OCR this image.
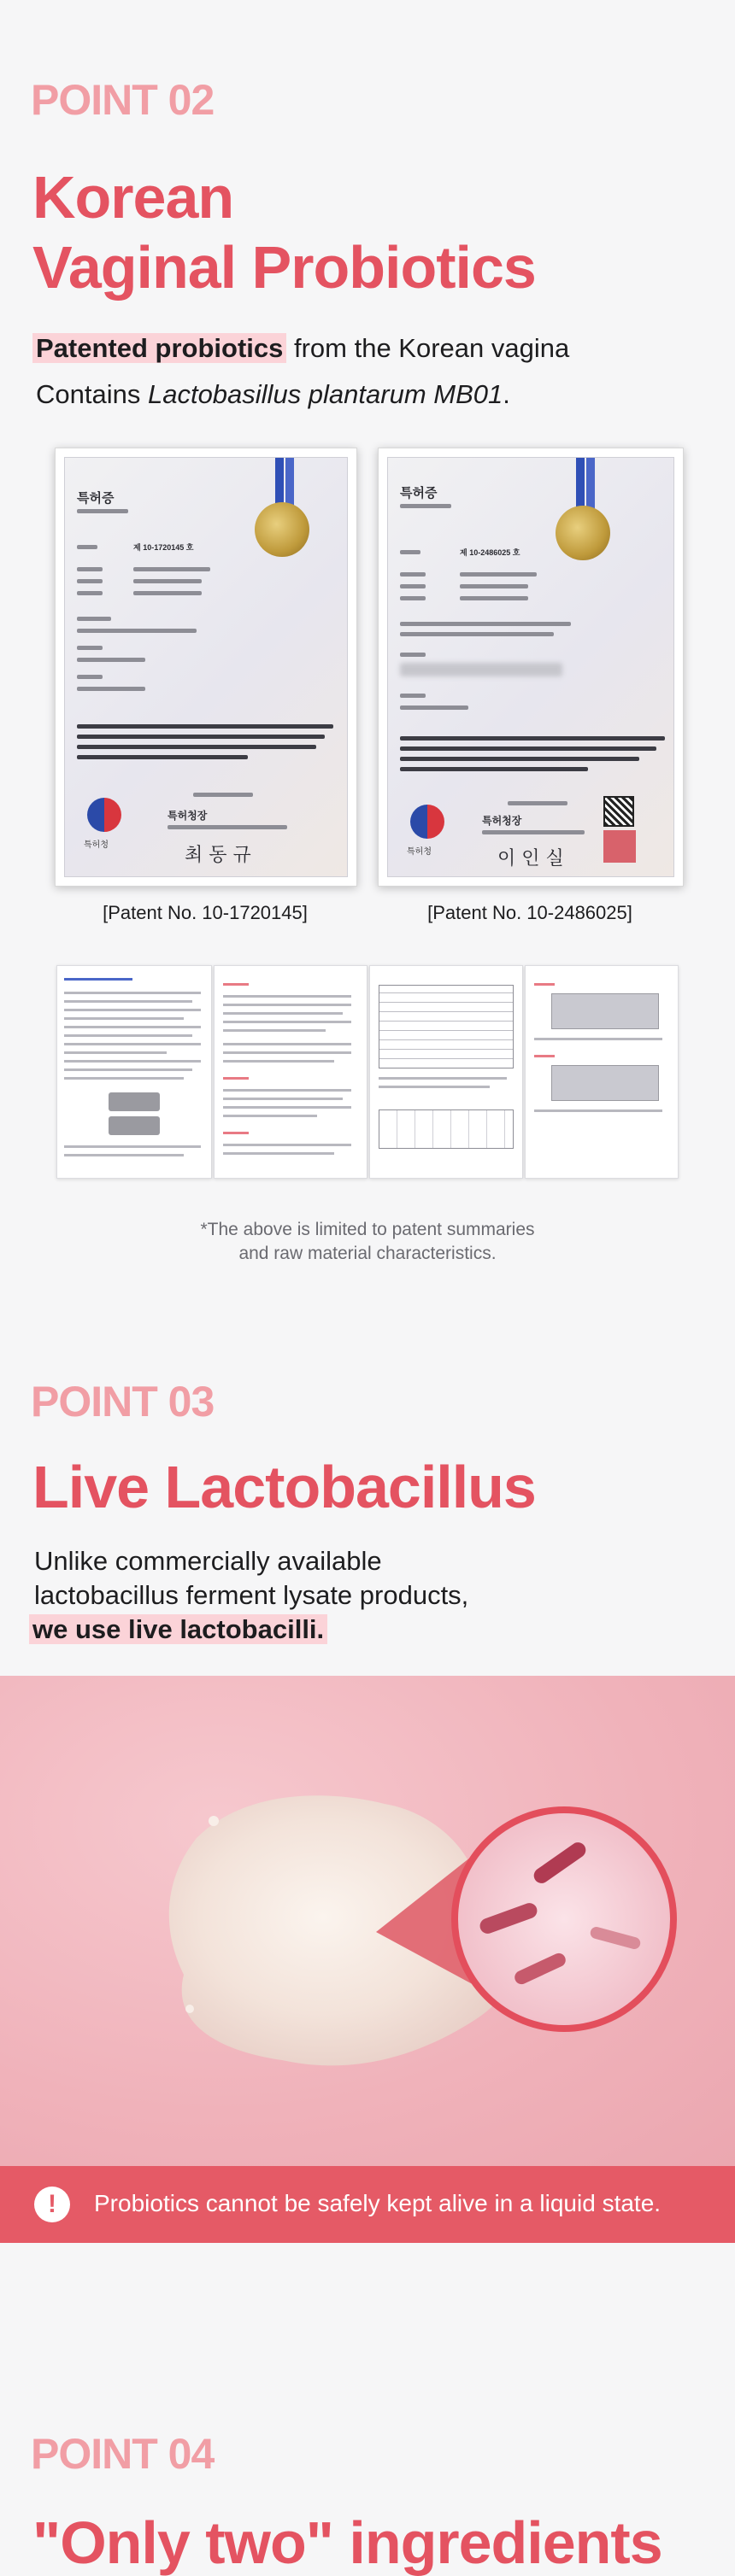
POINT 02
Korean
Vaginal Probiotics
Patented probiotics from the Korean vagina
Contains Lactobasillus plantarum MB01.
특허증
제 10-1720145 호
특허청
특허청장
최 동 규
[Patent No. 10-1720145]
특허증
제 10-2486025 호
특허청
특허청장
이 인 실
[Patent No. 10-2486025]
*The above is limited to patent summaries
and raw material characteristics.
POINT 03
Live Lactobacillus
Unlike commercially available
lactobacillus ferment lysate products,
we use live lactobacilli.
!	Probiotics cannot be safely kept alive in a liquid state.
POINT 04
"Only two" ingredients
